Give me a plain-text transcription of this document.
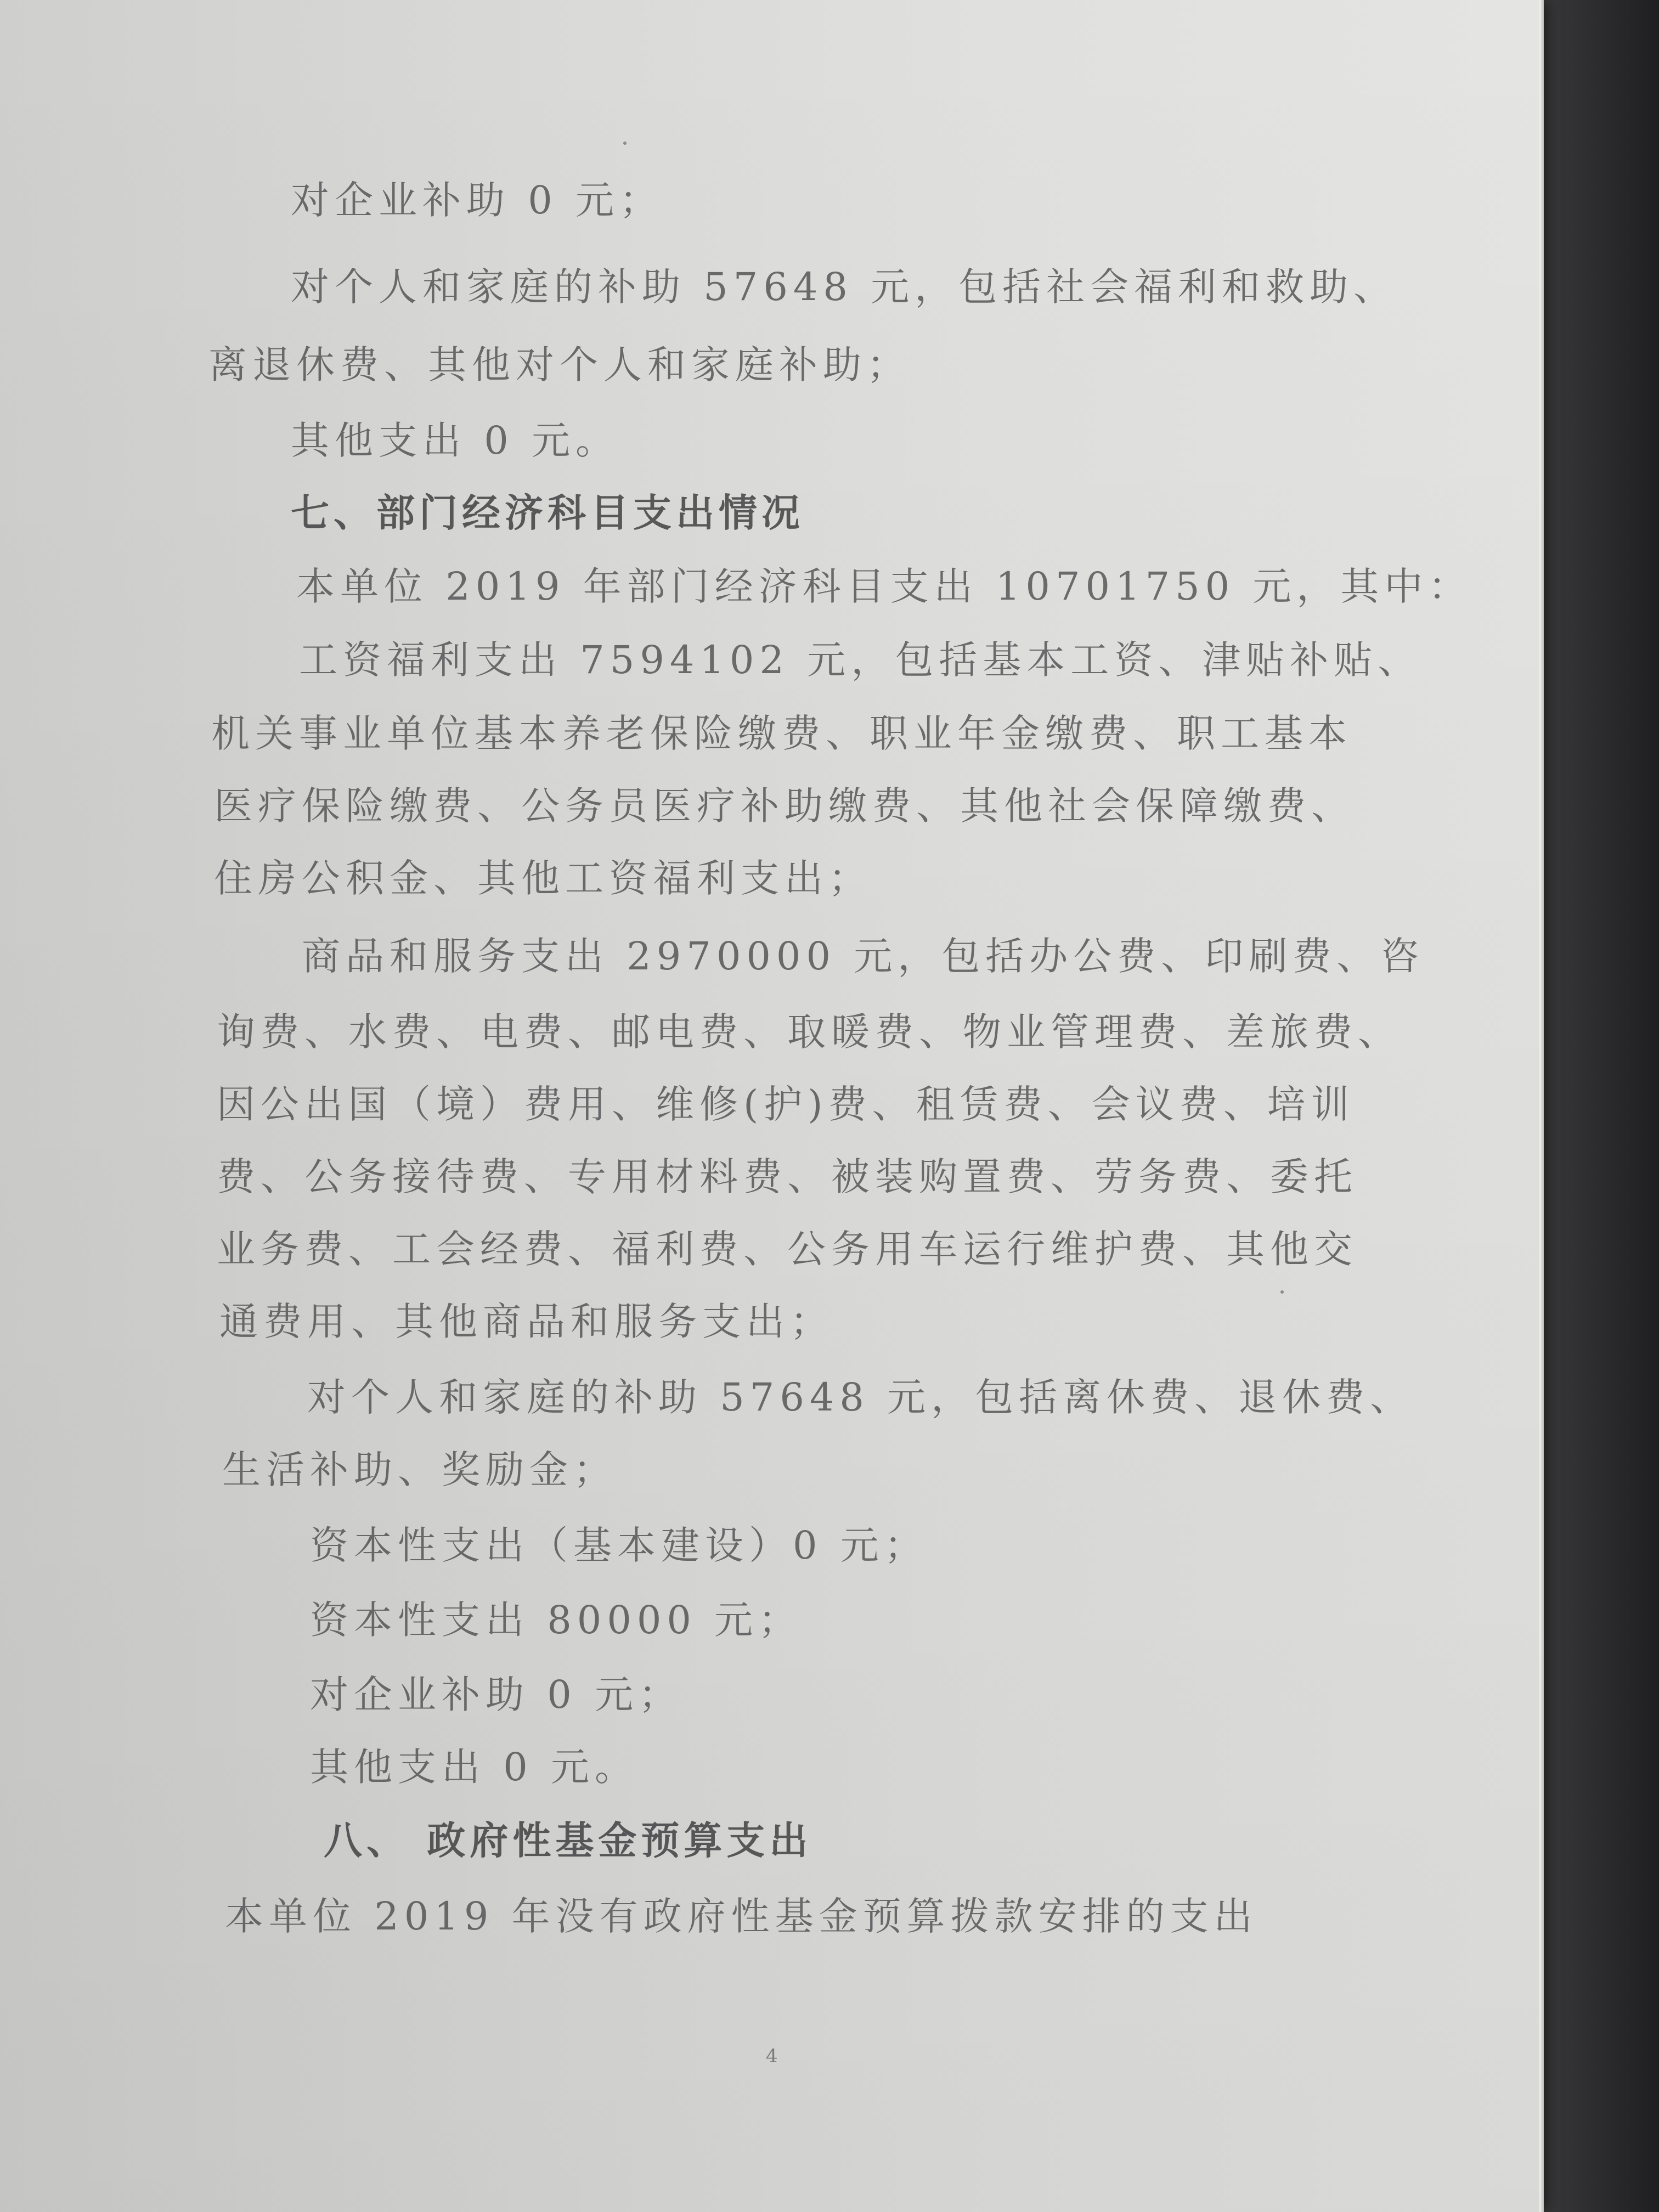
对企业补助 0 元；
对个人和家庭的补助 57648 元，包括社会福利和救助、
离退休费、其他对个人和家庭补助；
其他支出 0 元。
七、部门经济科目支出情况
本单位 2019 年部门经济科目支出 10701750 元，其中：
工资福利支出 7594102 元，包括基本工资、津贴补贴、
机关事业单位基本养老保险缴费、职业年金缴费、职工基本
医疗保险缴费、公务员医疗补助缴费、其他社会保障缴费、
住房公积金、其他工资福利支出；
商品和服务支出 2970000 元，包括办公费、印刷费、咨
询费、水费、电费、邮电费、取暖费、物业管理费、差旅费、
因公出国（境）费用、维修(护)费、租赁费、会议费、培训
费、公务接待费、专用材料费、被装购置费、劳务费、委托
业务费、工会经费、福利费、公务用车运行维护费、其他交
通费用、其他商品和服务支出；
对个人和家庭的补助 57648 元，包括离休费、退休费、
生活补助、奖励金；
资本性支出（基本建设）0 元；
资本性支出 80000 元；
对企业补助 0 元；
其他支出 0 元。
八、 政府性基金预算支出
本单位 2019 年没有政府性基金预算拨款安排的支出
4
